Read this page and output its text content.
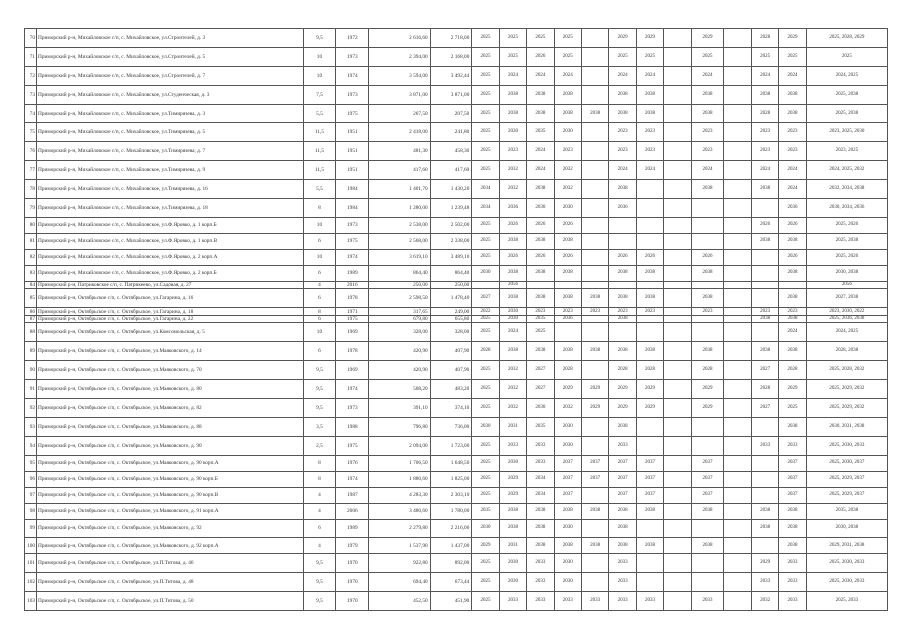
70	Приморский р-н, Михайловское с/п, с. Михайловское, ул.Строителей, д. 3	9,5	1972	2 616,60	2 718,00	2025	2025	2025	2025		2029	2029		2029		2028	2029	2025, 2028, 2029
71	Приморский р-н, Михайловское с/п, с. Михайловское, ул.Строителей, д. 5	10	1973	2 394,00	2 168,00	2025	2025	2026	2025		2025	2025		2025		2025	2025	2025
72	Приморский р-н, Михайловское с/п, с. Михайловское, ул.Строителей, д. 7	10	1974	3 594,00	3 492,44	2025	2024	2024	2024		2024	2024		2024		2024	2024	2024, 2025
73	Приморский р-н, Михайловское с/п, с. Михайловское, ул.Студенческая, д. 3	7,5	1973	3 871,00	3 871,00	2025	2038	2038	2038		2038	2038		2038		2038	2038	2025, 2038
74	Приморский р-н, Михайловское с/п, с. Михайловское, ул.Тимирязева, д. 3	5,5	1975	267,50	207,50	2025	2038	2038	2038	2038	2038	2038		2038		2028	2038	2025, 2038
75	Приморский р-н, Михайловское с/п, с. Михайловское, ул.Тимирязева, д. 5	11,5	1951	2 418,00	241,80	2025	2030	2035	2030		2023	2023		2023		2023	2023	2023, 2025, 2030
76	Приморский р-н, Михайловское с/п, с. Михайловское, ул.Тимирязева, д. 7	11,5	1951	481,30	458,30	2025	2023	2024	2023		2023	2023		2023		2023	2023	2023, 2025
77	Приморский р-н, Михайловское с/п, с. Михайловское, ул.Тимирязева, д. 9	11,5	1951	417,60	417,60	2025	2032	2024	2032		2024	2024		2024		2024	2024	2024, 2025, 2032
78	Приморский р-н, Михайловское с/п, с. Михайловское, ул.Тимирязева, д. 16	5,5	1984	1 401,70	1 430,20	2034	2032	2038	2032		2038			2038		2038	2024	2032, 2034, 2038
79	Приморский р-н, Михайловское с/п, с. Михайловское, ул.Тимирязева, д. 18	8	1984	1 280,00	1 239,48	2034	2036	2030	2030		2036						2036	2030, 2034, 2036
80	Приморский р-н, Михайловское с/п, с. Михайловское, ул.Ф.Яровко, д. 1 корп.Б	10	1973	2 538,00	2 502,00	2025	2026	2026	2026							2026	2026	2025, 2026
81	Приморский р-н, Михайловское с/п, с. Михайловское, ул.Ф.Яровко, д. 1 корп.В	6	1975	2 568,00	2 338,00	2025	2038	2038	2038							2038	2038	2025, 2038
82	Приморский р-н, Михайловское с/п, с. Михайловское, ул.Ф.Яровко, д. 2 корп.А	10	1974	3 619,10	3 489,10	2025	2026	2026	2026		2026	2026		2026			2026	2025, 2026
83	Приморский р-н, Михайловское с/п, с. Михайловское, ул.Ф.Яровко, д. 2 корп.Б	6	1989	864,40	864,40	2030	2038	2038	2038		2038	2038		2038			2038	2030, 2038
84	Приморский р-н, Патриковское с/п, с. Патрикеево, ул.Садовая, д. 27	4	2016	250,00	250,00		2056											2056
85	Приморский р-н, Октябрьское с/п, с. Октябрьское, ул.Гагарина, д. 16	6	1978	2 598,50	1 478,40	2027	2038	2038	2038	2038	2038	2038		2038			2038	2027, 2038
86	Приморский р-н, Октябрьское с/п, с. Октябрьское, ул.Гагарина, д. 18	8	1971	317,65	249,00	2022	2030	2023	2023	2023	2023	2023		2023		2023	2023	2023, 2030, 2022
87	Приморский р-н, Октябрьское с/п, с. Октябрьское, ул.Гагарина, д. 22	6	1975	679,80	655,80	2025	2030	2035	2036		2038					2038	2038	2025, 2036, 2038
88	Приморский р-н, Октябрьское с/п, с. Октябрьское, ул.Комсомольская, д. 5	10	1969	328,00	328,00	2025	2024	2025									2024	2024, 2025
89	Приморский р-н, Октябрьское с/п, с. Октябрьское, ул.Маяковского, д. 14	6	1978	420,90	407,90	2028	2038	2038	2038	2038	2038	2038		2038		2038	2038	2028, 2038
90	Приморский р-н, Октябрьское с/п, с. Октябрьское, ул.Маяковского, д. 70	9,5	1969	420,90	407,90	2025	2032	2027	2028		2028	2028		2028		2027	2028	2025, 2028, 2032
91	Приморский р-н, Октябрьское с/п, с. Октябрьское, ул.Маяковского, д. 80	9,5	1974	508,20	483,20	2025	2032	2027	2029	2029	2029	2029		2029		2028	2029	2025, 2029, 2032
92	Приморский р-н, Октябрьское с/п, с. Октябрьское, ул.Маяковского, д. 82	9,5	1973	391,10	374,10	2025	2032	2030	2032	2029	2029	2029		2029		2027	2025	2025, 2029, 2032
93	Приморский р-н, Октябрьское с/п, с. Октябрьское, ул.Маяковского, д. 88	3,5	1988	796,80	736,00	2030	2031	2035	2030		2038						2038	2030, 2031, 2038
94	Приморский р-н, Октябрьское с/п, с. Октябрьское, ул.Маяковского, д. 90	2,5	1975	2 094,00	1 723,00	2025	2033	2033	2030		2033					2033	2033	2025, 2030, 2033
95	Приморский р-н, Октябрьское с/п, с. Октябрьское, ул.Маяковского, д. 90 корп.А	8	1976	1 706,50	1 648,50	2025	2030	2033	2037	2037	2037	2037		2037			2037	2025, 2030, 2037
96	Приморский р-н, Октябрьское с/п, с. Октябрьское, ул.Маяковского, д. 90 корп.Б	8	1974	1 880,60	1 825,00	2025	2029	2034	2037	2037	2037	2037		2037			2037	2025, 2029, 2037
97	Приморский р-н, Октябрьское с/п, с. Октябрьское, ул.Маяковского, д. 90 корп.В	4	1987	4 283,30	2 303,10	2025	2029	2034	2037		2037	2037		2037			2037	2025, 2029, 2037
98	Приморский р-н, Октябрьское с/п, с. Октябрьское, ул.Маяковского, д. 91 корп.А	4	2006	3 480,60	1 780,00	2035	2038	2038	2038	2038	2038	2038		2038		2038	2038	2035, 2038
99	Приморский р-н, Октябрьское с/п, с. Октябрьское, ул.Маяковского, д. 92	6	1989	2 279,80	2 216,00	2030	2038	2038	2030		2038					2038	2038	2030, 2038
100	Приморский р-н, Октябрьское с/п, с. Октябрьское, ул.Маяковского, д. 92 корп.А	4	1979	1 537,90	1 437,00	2029	2031	2038	2038	2038	2038	2038		2038			2038	2029, 2031, 2038
101	Приморский р-н, Октябрьское с/п, с. Октябрьское, ул.П.Титова, д. 46	9,5	1970	922,80	892,00	2025	2030	2033	2030		2033					2029	2033	2025, 2030, 2033
102	Приморский р-н, Октябрьское с/п, с. Октябрьское, ул.П.Титова, д. 48	9,5	1970	694,40	673,44	2025	2030	2033	2030		2033					2033	2033	2025, 2030, 2033
103	Приморский р-н, Октябрьское с/п, с. Октябрьское, ул.П.Титова, д. 50	9,5	1970	452,50	451,90	2025	2033	2033	2033	2033	2033	2033		2033		2032	2033	2025, 2033
